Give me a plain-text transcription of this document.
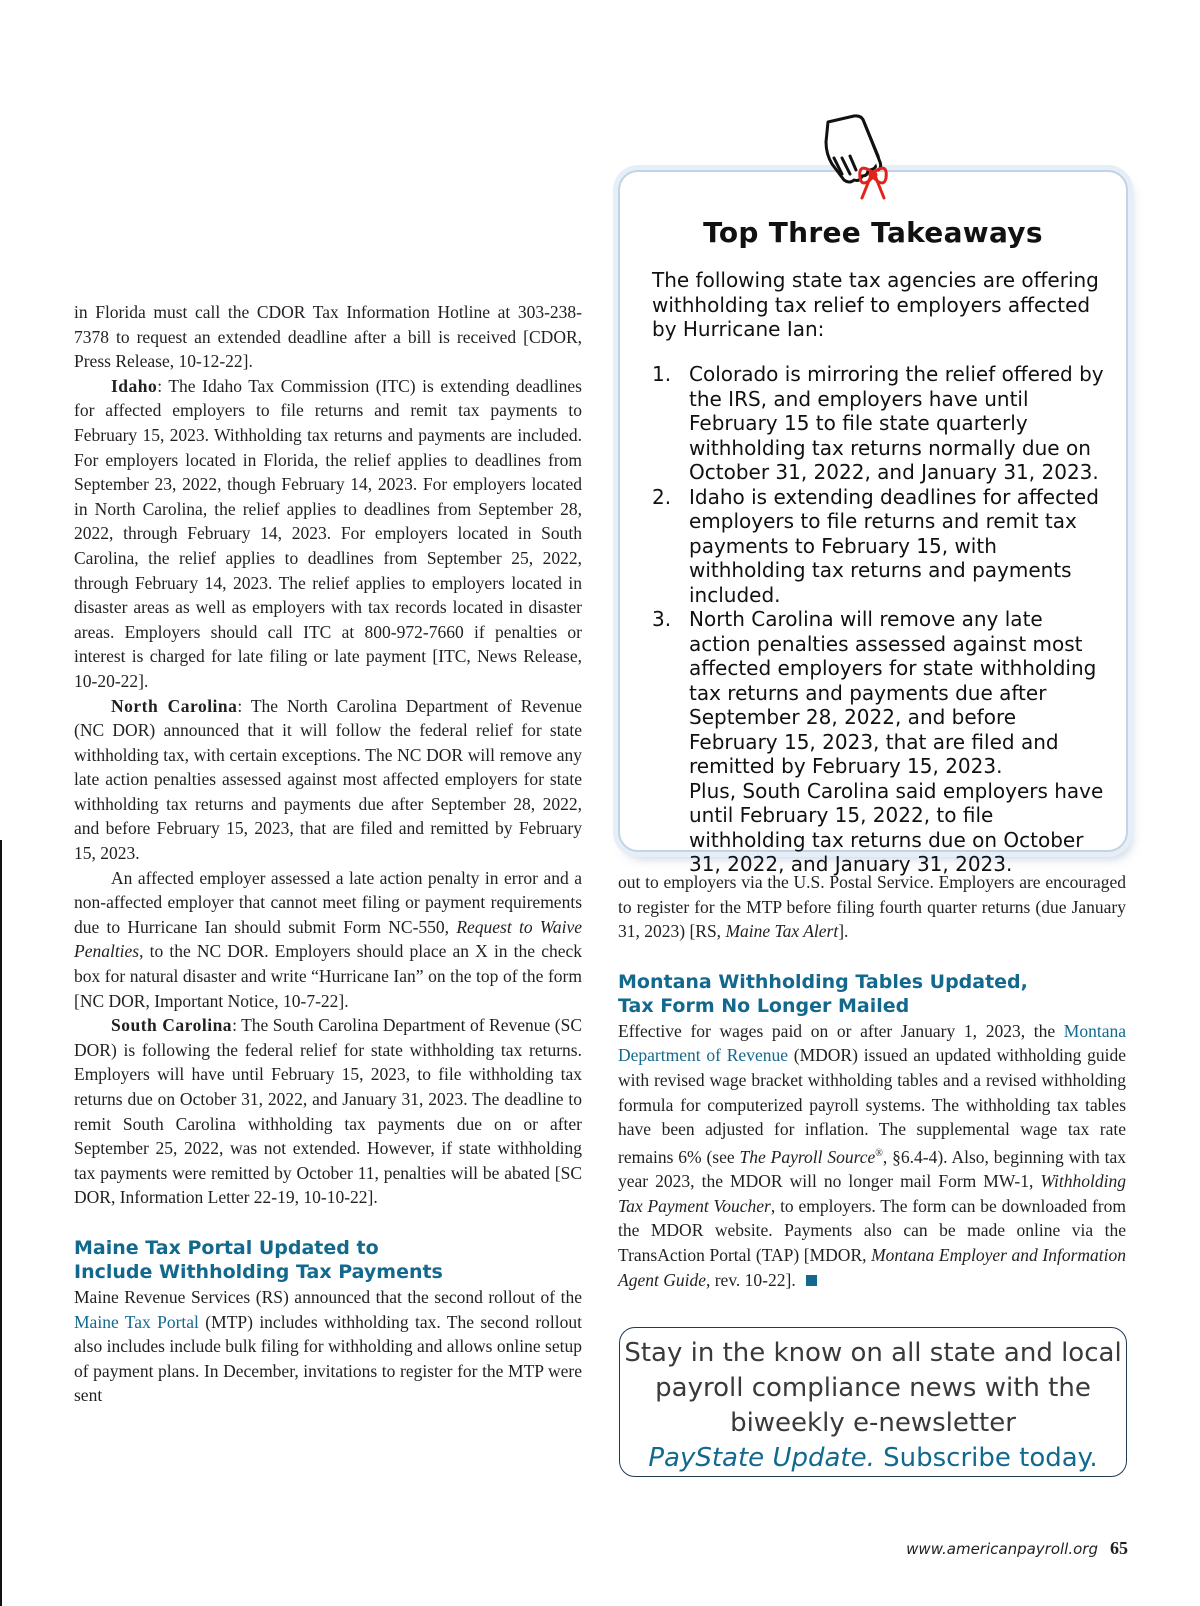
in Florida must call the CDOR Tax Information Hotline at 303-238-7378 to request an extended deadline after a bill is received [CDOR, Press Release, 10-12-22].

Idaho: The Idaho Tax Commission (ITC) is extending deadlines for affected employers to file returns and remit tax payments to February 15, 2023. Withholding tax returns and payments are included. For employers located in Florida, the relief applies to deadlines from September 23, 2022, though February 14, 2023. For employers located in North Carolina, the relief applies to deadlines from September 28, 2022, through February 14, 2023. For employers located in South Carolina, the relief applies to deadlines from September 25, 2022, through February 14, 2023. The relief applies to employers located in disaster areas as well as employers with tax records located in disaster areas. Employers should call ITC at 800-972-7660 if penalties or interest is charged for late filing or late payment [ITC, News Release, 10-20-22].

North Carolina: The North Carolina Department of Revenue (NC DOR) announced that it will follow the federal relief for state withholding tax, with certain exceptions. The NC DOR will remove any late action penalties assessed against most affected employers for state withholding tax returns and payments due after September 28, 2022, and before February 15, 2023, that are filed and remitted by February 15, 2023.

An affected employer assessed a late action penalty in error and a non-affected employer that cannot meet filing or payment requirements due to Hurricane Ian should submit Form NC-550, Request to Waive Penalties, to the NC DOR. Employers should place an X in the check box for natural disaster and write “Hurricane Ian” on the top of the form [NC DOR, Important Notice, 10-7-22].

South Carolina: The South Carolina Department of Revenue (SC DOR) is following the federal relief for state withholding tax returns. Employers will have until February 15, 2023, to file withholding tax returns due on October 31, 2022, and January 31, 2023. The deadline to remit South Carolina withholding tax payments due on or after September 25, 2022, was not extended. However, if state withholding tax payments were remitted by October 11, penalties will be abated [SC DOR, Information Letter 22-19, 10-10-22].

Maine Tax Portal Updated to
Include Withholding Tax Payments

Maine Revenue Services (RS) announced that the second rollout of the Maine Tax Portal (MTP) includes withholding tax. The second rollout also includes include bulk filing for withholding and allows online setup of payment plans. In December, invitations to register for the MTP were sent

Top Three Takeaways
The following state tax agencies are offering withholding tax relief to employers affected by Hurricane Ian:
1. Colorado is mirroring the relief offered by the IRS, and employers have until February 15 to file state quarterly withholding tax returns normally due on October 31, 2022, and January 31, 2023.
2. Idaho is extending deadlines for affected employers to file returns and remit tax payments to February 15, with withholding tax returns and payments included.
3. North Carolina will remove any late action penalties assessed against most affected employers for state withholding tax returns and payments due after September 28, 2022, and before February 15, 2023, that are filed and remitted by February 15, 2023.
Plus, South Carolina said employers have until February 15, 2022, to file withholding tax returns due on October 31, 2022, and January 31, 2023.

out to employers via the U.S. Postal Service. Employers are encouraged to register for the MTP before filing fourth quarter returns (due January 31, 2023) [RS, Maine Tax Alert].

Montana Withholding Tables Updated,
Tax Form No Longer Mailed

Effective for wages paid on or after January 1, 2023, the Montana Department of Revenue (MDOR) issued an updated withholding guide with revised wage bracket withholding tables and a revised withholding formula for computerized payroll systems. The withholding tax tables have been adjusted for inflation. The supplemental wage tax rate remains 6% (see The Payroll Source®, §6.4-4). Also, beginning with tax year 2023, the MDOR will no longer mail Form MW-1, Withholding Tax Payment Voucher, to employers. The form can be downloaded from the MDOR website. Payments also can be made online via the TransAction Portal (TAP) [MDOR, Montana Employer and Information Agent Guide, rev. 10-22].

Stay in the know on all state and local
payroll compliance news with the
biweekly e-newsletter
PayState Update. Subscribe today.
www.americanpayroll.org 65
